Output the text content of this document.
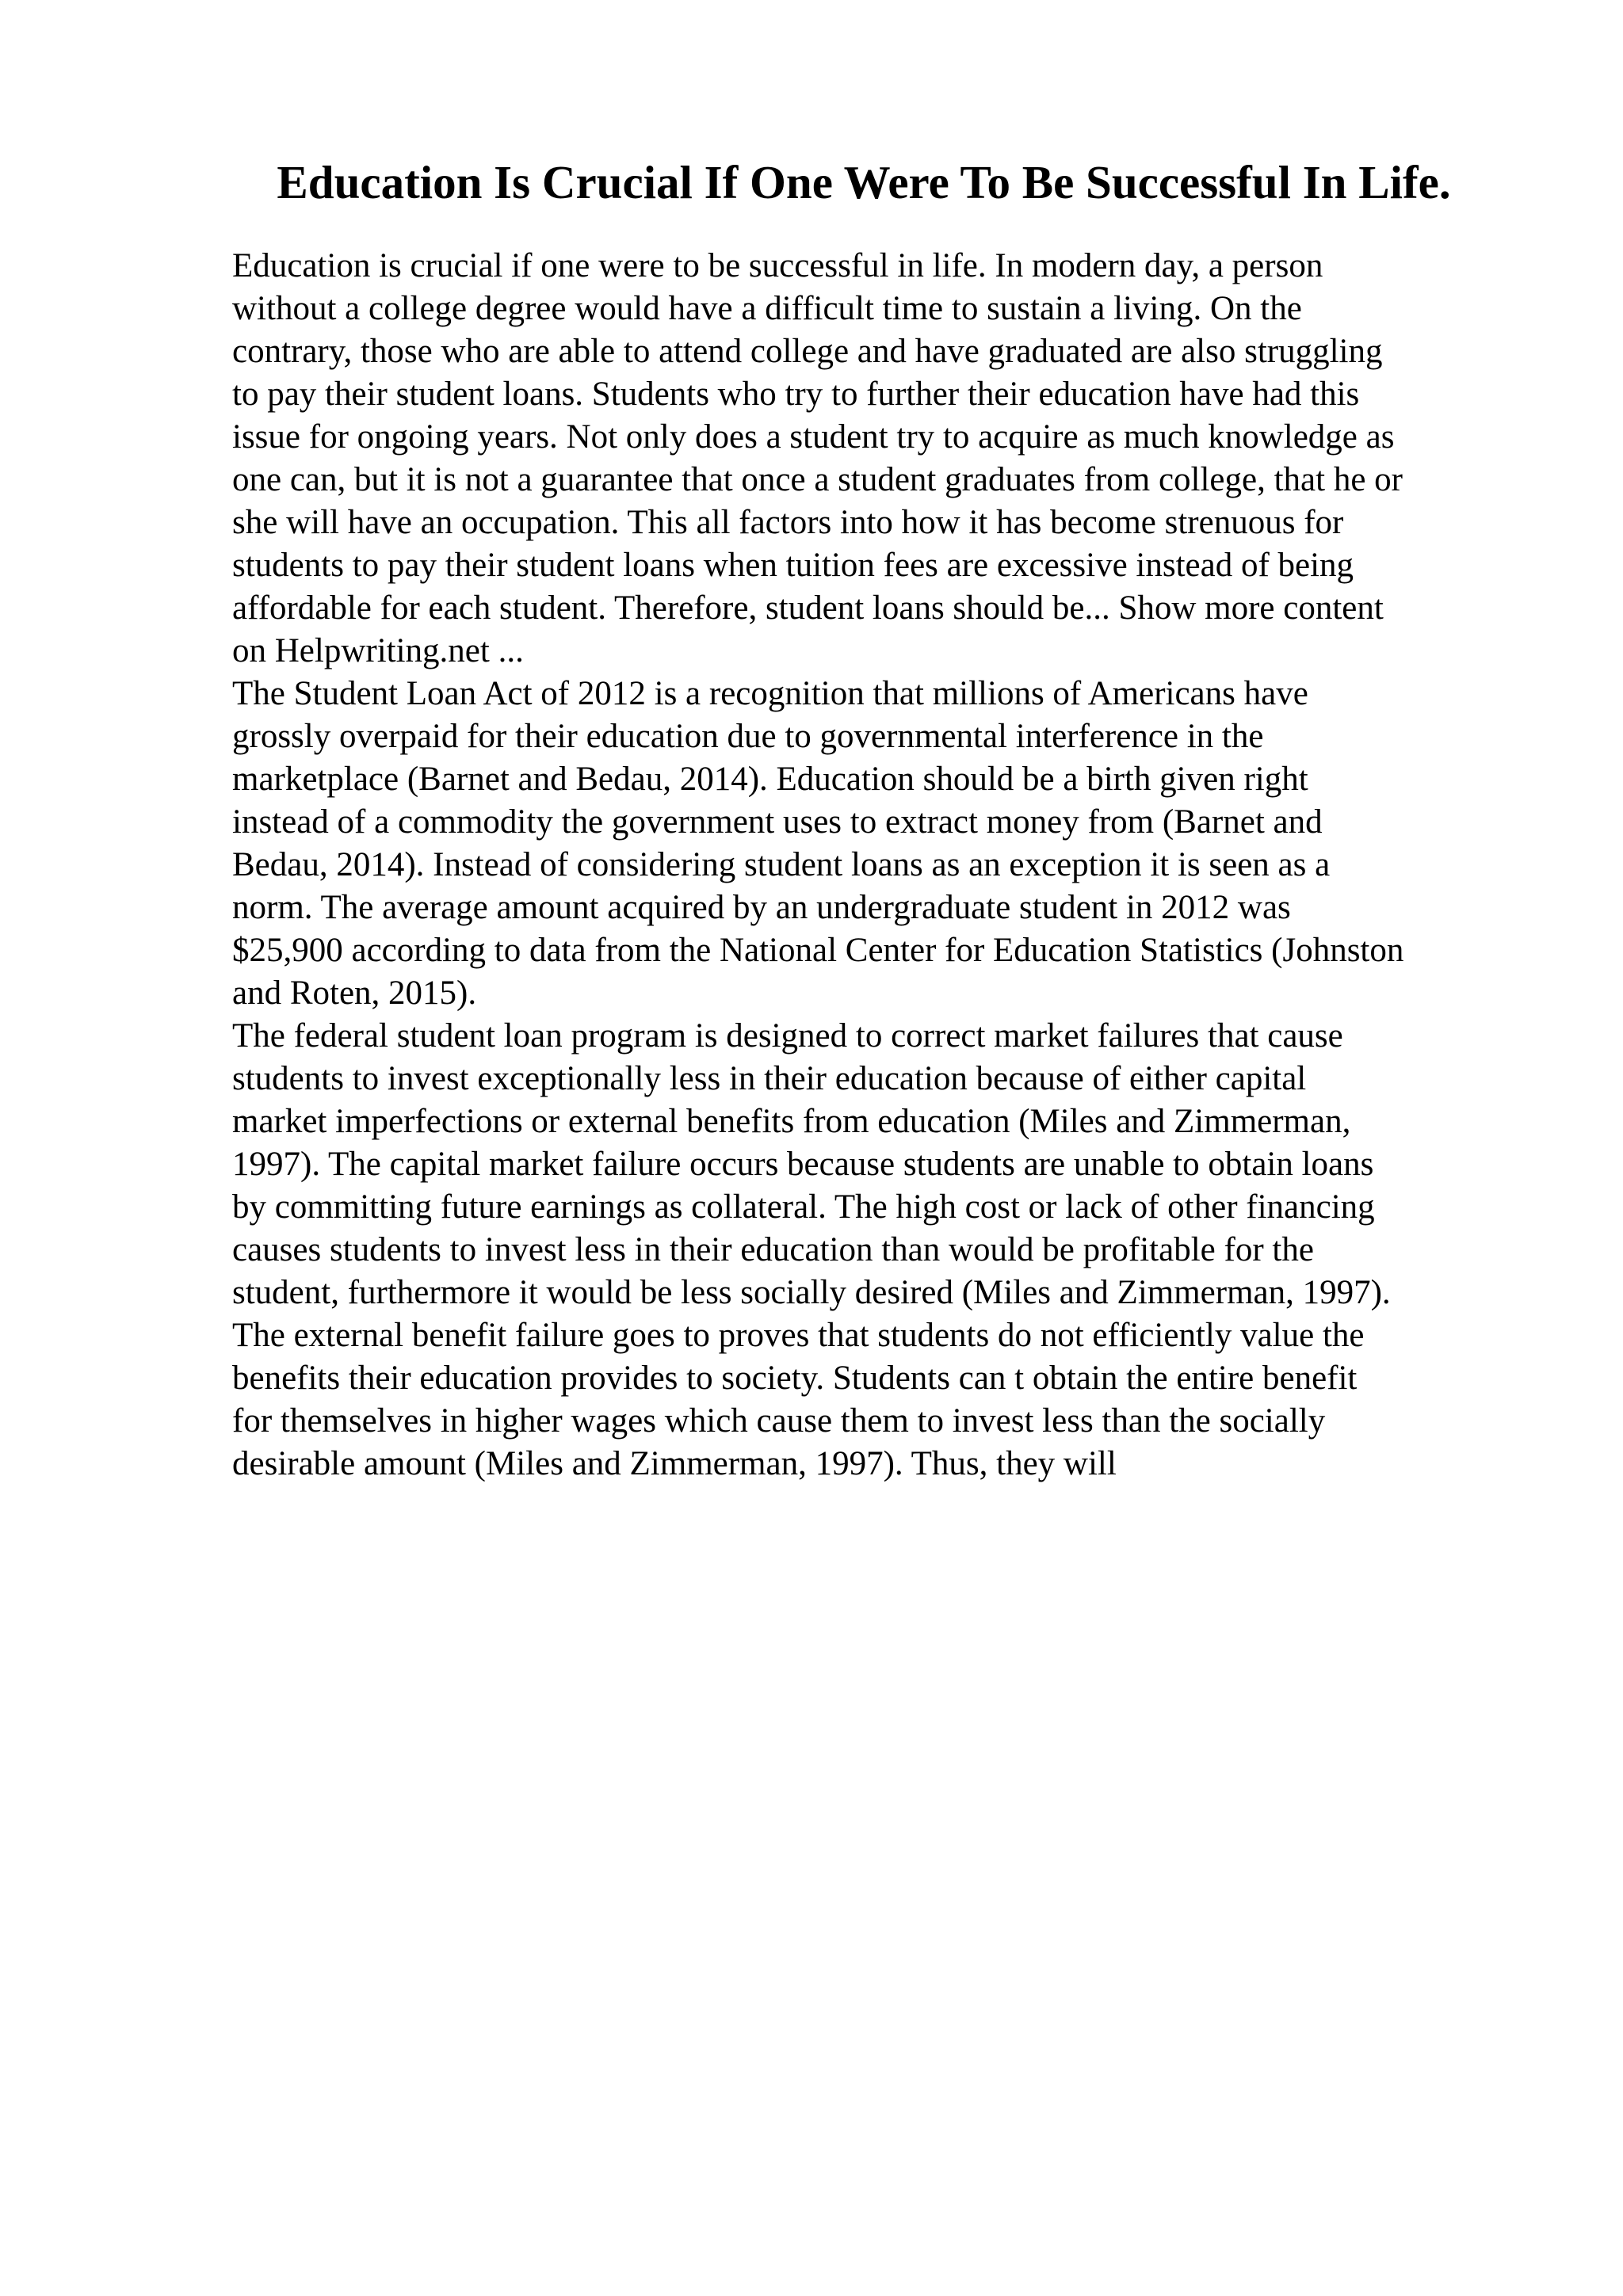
Education Is Crucial If One Were To Be Successful In Life.
Education is crucial if one were to be successful in life. In modern day, a person
without a college degree would have a difficult time to sustain a living. On the
contrary, those who are able to attend college and have graduated are also struggling
to pay their student loans. Students who try to further their education have had this
issue for ongoing years. Not only does a student try to acquire as much knowledge as
one can, but it is not a guarantee that once a student graduates from college, that he or
she will have an occupation. This all factors into how it has become strenuous for
students to pay their student loans when tuition fees are excessive instead of being
affordable for each student. Therefore, student loans should be... Show more content
on Helpwriting.net ...
The Student Loan Act of 2012 is a recognition that millions of Americans have
grossly overpaid for their education due to governmental interference in the
marketplace (Barnet and Bedau, 2014). Education should be a birth given right
instead of a commodity the government uses to extract money from (Barnet and
Bedau, 2014). Instead of considering student loans as an exception it is seen as a
norm. The average amount acquired by an undergraduate student in 2012 was
$25,900 according to data from the National Center for Education Statistics (Johnston
and Roten, 2015).
The federal student loan program is designed to correct market failures that cause
students to invest exceptionally less in their education because of either capital
market imperfections or external benefits from education (Miles and Zimmerman,
1997). The capital market failure occurs because students are unable to obtain loans
by committing future earnings as collateral. The high cost or lack of other financing
causes students to invest less in their education than would be profitable for the
student, furthermore it would be less socially desired (Miles and Zimmerman, 1997).
The external benefit failure goes to proves that students do not efficiently value the
benefits their education provides to society. Students can t obtain the entire benefit
for themselves in higher wages which cause them to invest less than the socially
desirable amount (Miles and Zimmerman, 1997). Thus, they will
